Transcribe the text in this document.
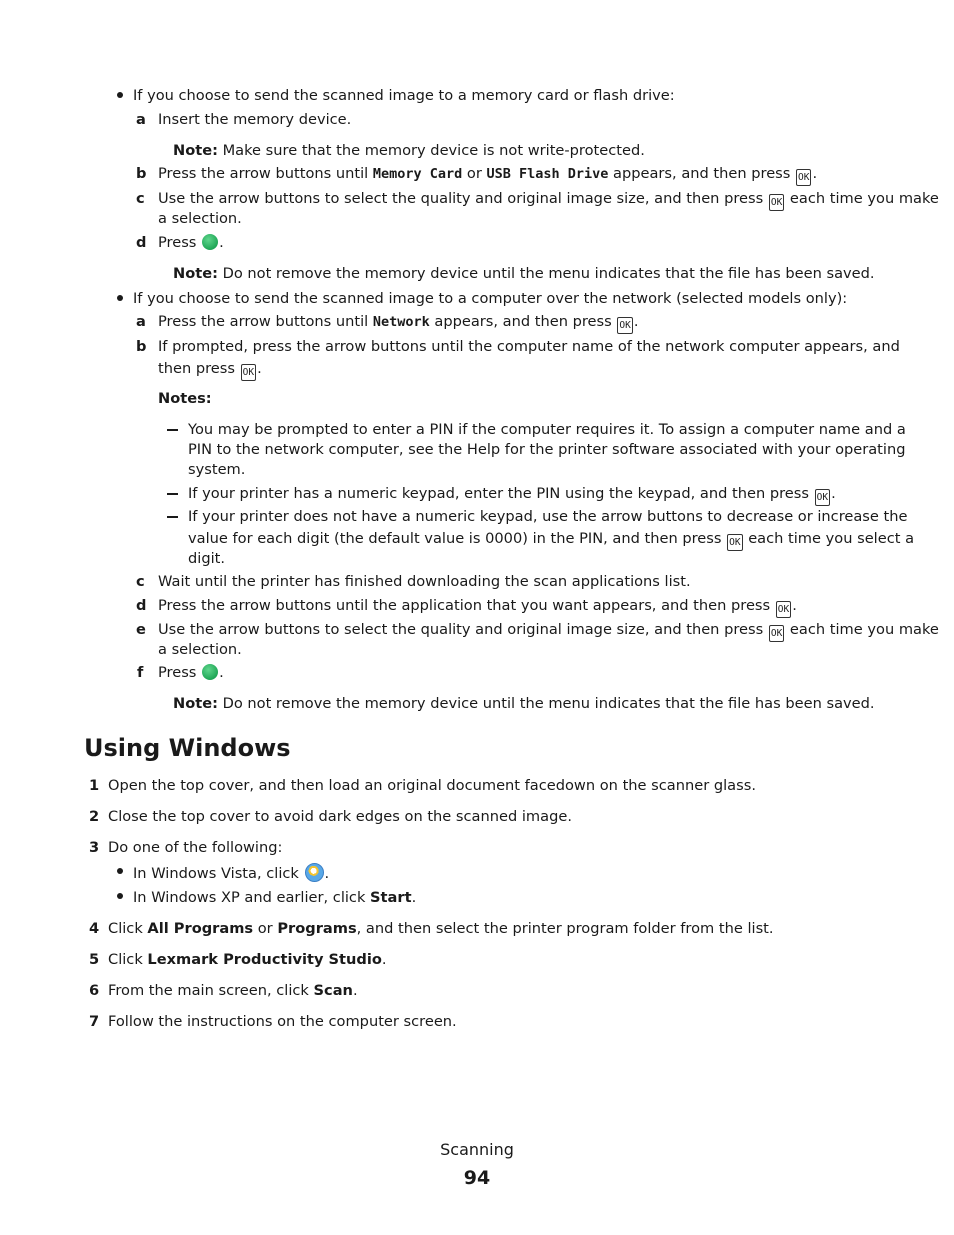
If you choose to send the scanned image to a memory card or flash drive:
a Insert the memory device.
Note: Make sure that the memory device is not write-protected.
b Press the arrow buttons until Memory Card or USB Flash Drive appears, and then press OK .
c Use the arrow buttons to select the quality and original image size, and then press OK each time you make
a selection.
d Press .
Note: Do not remove the memory device until the menu indicates that the file has been saved.
If you choose to send the scanned image to a computer over the network (selected models only):
a Press the arrow buttons until Network appears, and then press OK .
b If prompted, press the arrow buttons until the computer name of the network computer appears, and
then press OK .
Notes:
You may be prompted to enter a PIN if the computer requires it. To assign a computer name and a
PIN to the network computer, see the Help for the printer software associated with your operating
system.
If your printer has a numeric keypad, enter the PIN using the keypad, and then press OK .
If your printer does not have a numeric keypad, use the arrow buttons to decrease or increase the
value for each digit (the default value is 0000) in the PIN, and then press OK each time you select a
digit.
c Wait until the printer has finished downloading the scan applications list.
d Press the arrow buttons until the application that you want appears, and then press OK .
e Use the arrow buttons to select the quality and original image size, and then press OK each time you make
a selection.
f Press .
Note: Do not remove the memory device until the menu indicates that the file has been saved.
Using Windows
1 Open the top cover, and then load an original document facedown on the scanner glass.
2 Close the top cover to avoid dark edges on the scanned image.
3 Do one of the following:
In Windows Vista, click .
In Windows XP and earlier, click Start.
4 Click All Programs or Programs, and then select the printer program folder from the list.
5 Click Lexmark Productivity Studio.
6 From the main screen, click Scan.
7 Follow the instructions on the computer screen.
Scanning
94
